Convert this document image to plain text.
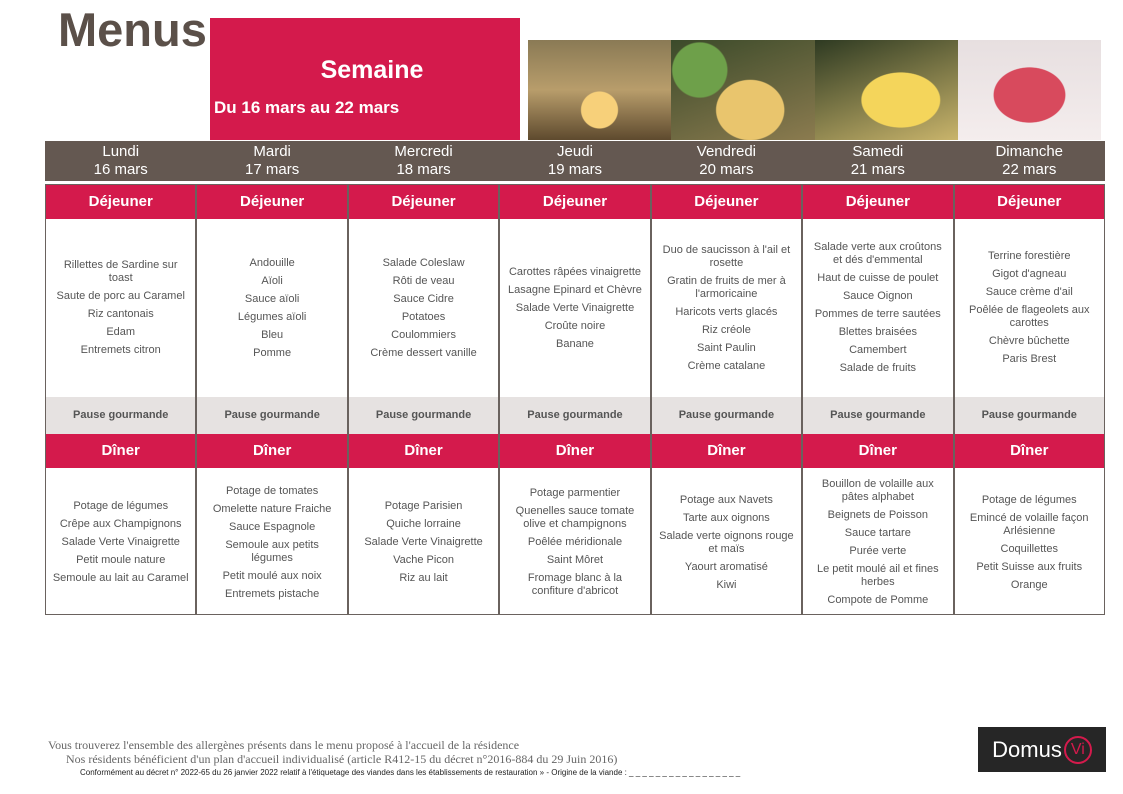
Menus
Semaine
Du 16 mars au 22 mars
Lundi
16 mars
Mardi
17 mars
Mercredi
18 mars
Jeudi
19 mars
Vendredi
20 mars
Samedi
21 mars
Dimanche
22 mars
Déjeuner
Rillettes de Sardine sur toast
Saute de porc au Caramel
Riz cantonais
Edam
Entremets citron
Pause gourmande
Dîner
Potage de légumes
Crêpe aux Champignons
Salade Verte Vinaigrette
Petit moule nature
Semoule au lait au Caramel
Déjeuner
Andouille
Aïoli
Sauce aïoli
Légumes aïoli
Bleu
Pomme
Pause gourmande
Dîner
Potage de tomates
Omelette nature Fraiche
Sauce Espagnole
Semoule aux petits légumes
Petit moulé aux noix
Entremets pistache
Déjeuner
Salade Coleslaw
Rôti de veau
Sauce Cidre
Potatoes
Coulommiers
Crème dessert vanille
Pause gourmande
Dîner
Potage Parisien
Quiche lorraine
Salade Verte Vinaigrette
Vache Picon
Riz au lait
Déjeuner
Carottes râpées vinaigrette
Lasagne Epinard et Chèvre
Salade Verte Vinaigrette
Croûte noire
Banane
Pause gourmande
Dîner
Potage parmentier
Quenelles sauce tomate olive et champignons
Poêlée méridionale
Saint Môret
Fromage blanc à la confiture d'abricot
Déjeuner
Duo de saucisson à l'ail et rosette
Gratin de fruits de mer à l'armoricaine
Haricots verts glacés
Riz créole
Saint Paulin
Crème catalane
Pause gourmande
Dîner
Potage aux Navets
Tarte aux oignons
Salade verte oignons rouge et maïs
Yaourt aromatisé
Kiwi
Déjeuner
Salade verte aux croûtons et dés d'emmental
Haut de cuisse de poulet
Sauce Oignon
Pommes de terre sautées
Blettes braisées
Camembert
Salade de fruits
Pause gourmande
Dîner
Bouillon de volaille aux pâtes alphabet
Beignets de Poisson
Sauce tartare
Purée verte
Le petit moulé ail et fines herbes
Compote de Pomme
Déjeuner
Terrine forestière
Gigot d'agneau
Sauce crème d'ail
Poêlée de flageolets aux carottes
Chèvre bûchette
Paris Brest
Pause gourmande
Dîner
Potage de légumes
Emincé de volaille façon Arlésienne
Coquillettes
Petit Suisse aux fruits
Orange
Vous trouverez l'ensemble des allergènes présents dans le menu proposé à l'accueil de la résidence
Nos résidents bénéficient d'un plan d'accueil individualisé (article R412-15 du décret n°2016-884 du 29 Juin 2016)
Conformément au décret n° 2022-65 du 26 janvier 2022 relatif à l'étiquetage des viandes dans les établissements de restauration » - Origine de la viande : _ _ _ _ _ _ _ _ _ _ _ _ _ _ _ _ _
Domus Vi
